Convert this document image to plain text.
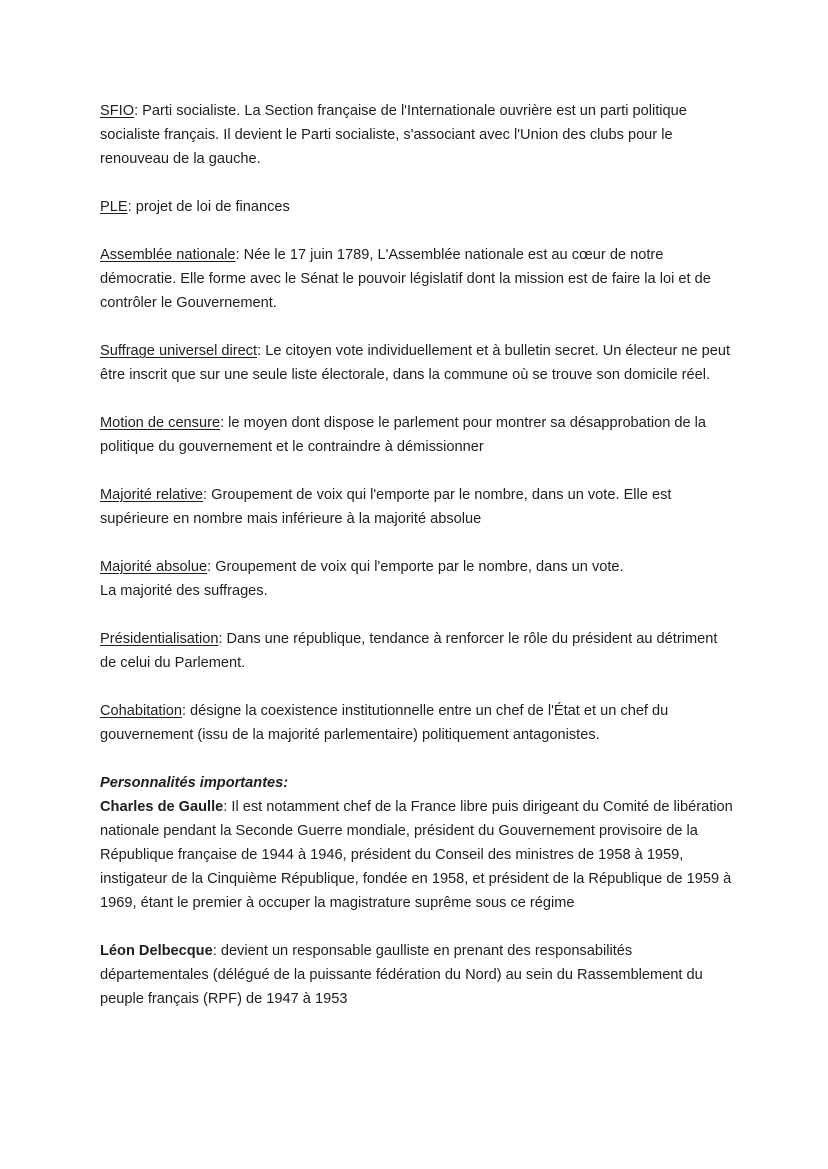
SFIO: Parti socialiste. La Section française de l'Internationale ouvrière est un parti politique socialiste français. Il devient le Parti socialiste, s'associant avec l'Union des clubs pour le renouveau de la gauche.

PLE: projet de loi de finances

Assemblée nationale: Née le 17 juin 1789, L'Assemblée nationale est au cœur de notre démocratie. Elle forme avec le Sénat le pouvoir législatif dont la mission est de faire la loi et de contrôler le Gouvernement.

Suffrage universel direct: Le citoyen vote individuellement et à bulletin secret. Un électeur ne peut être inscrit que sur une seule liste électorale, dans la commune où se trouve son domicile réel.

Motion de censure: le moyen dont dispose le parlement pour montrer sa désapprobation de la politique du gouvernement et le contraindre à démissionner

Majorité relative: Groupement de voix qui l'emporte par le nombre, dans un vote. Elle est supérieure en nombre mais inférieure à la majorité absolue

Majorité absolue: Groupement de voix qui l'emporte par le nombre, dans un vote.
La majorité des suffrages.

Présidentialisation: Dans une république, tendance à renforcer le rôle du président au détriment de celui du Parlement.

Cohabitation: désigne la coexistence institutionnelle entre un chef de l'État et un chef du gouvernement (issu de la majorité parlementaire) politiquement antagonistes.

Personnalités importantes:

Charles de Gaulle: Il est notamment chef de la France libre puis dirigeant du Comité de libération nationale pendant la Seconde Guerre mondiale, président du Gouvernement provisoire de la République française de 1944 à 1946, président du Conseil des ministres de 1958 à 1959, instigateur de la Cinquième République, fondée en 1958, et président de la République de 1959 à 1969, étant le premier à occuper la magistrature suprême sous ce régime

Léon Delbecque: devient un responsable gaulliste en prenant des responsabilités départementales (délégué de la puissante fédération du Nord) au sein du Rassemblement du peuple français (RPF) de 1947 à 1953
